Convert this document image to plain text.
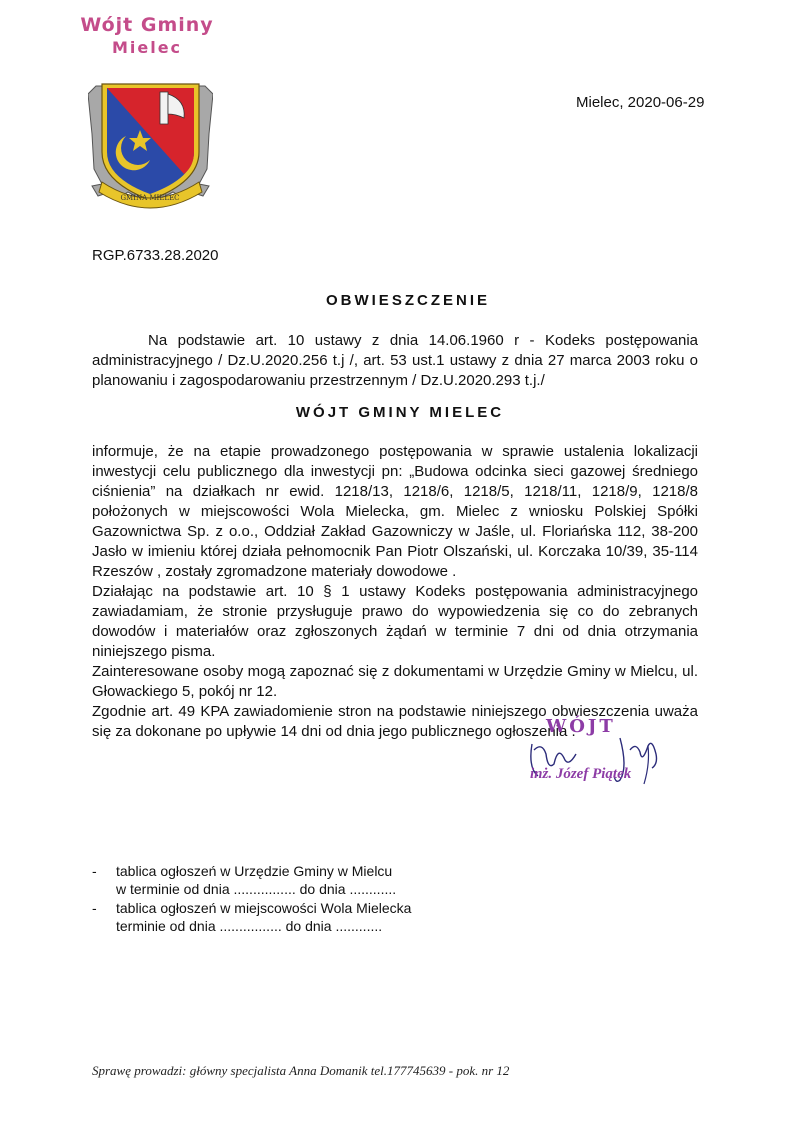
Wójt Gminy
Mielec
GMINA MIELEC
Mielec, 2020-06-29
RGP.6733.28.2020
OBWIESZCZENIE
Na podstawie art. 10 ustawy z dnia 14.06.1960 r - Kodeks postępowania administracyjnego / Dz.U.2020.256 t.j /, art. 53 ust.1 ustawy z dnia 27 marca 2003 roku o planowaniu i zagospodarowaniu przestrzennym / Dz.U.2020.293 t.j./
WÓJT GMINY MIELEC

informuje, że na etapie prowadzonego postępowania w sprawie ustalenia lokalizacji inwestycji celu publicznego dla inwestycji pn: „Budowa odcinka sieci gazowej średniego ciśnienia” na działkach nr ewid. 1218/13, 1218/6, 1218/5, 1218/11, 1218/9, 1218/8 położonych w miejscowości Wola Mielecka, gm. Mielec z wniosku Polskiej Spółki Gazownictwa Sp. z o.o., Oddział Zakład Gazowniczy w Jaśle, ul. Floriańska 112, 38-200 Jasło w imieniu której działa pełnomocnik Pan Piotr Olszański, ul. Korczaka 10/39, 35-114 Rzeszów , zostały zgromadzone materiały dowodowe .

Działając na podstawie art. 10 § 1 ustawy Kodeks postępowania administracyjnego zawiadamiam, że stronie przysługuje prawo do wypowiedzenia się co do zebranych dowodów i materiałów oraz zgłoszonych żądań w terminie 7 dni od dnia otrzymania niniejszego pisma.

Zainteresowane osoby mogą zapoznać się z dokumentami w Urzędzie Gminy w Mielcu, ul. Głowackiego 5, pokój nr 12.

Zgodnie art. 49 KPA zawiadomienie stron na podstawie niniejszego obwieszczenia uważa się za dokonane po upływie 14 dni od dnia jego publicznego ogłoszenia .

WÓJT
inż. Józef Piątek
- tablica ogłoszeń w Urzędzie Gminy w Mielcu
w terminie od dnia ................ do dnia ............
- tablica ogłoszeń w miejscowości Wola Mielecka
terminie od dnia ................ do dnia ............
Sprawę prowadzi: główny specjalista Anna Domanik tel.177745639 - pok. nr 12
